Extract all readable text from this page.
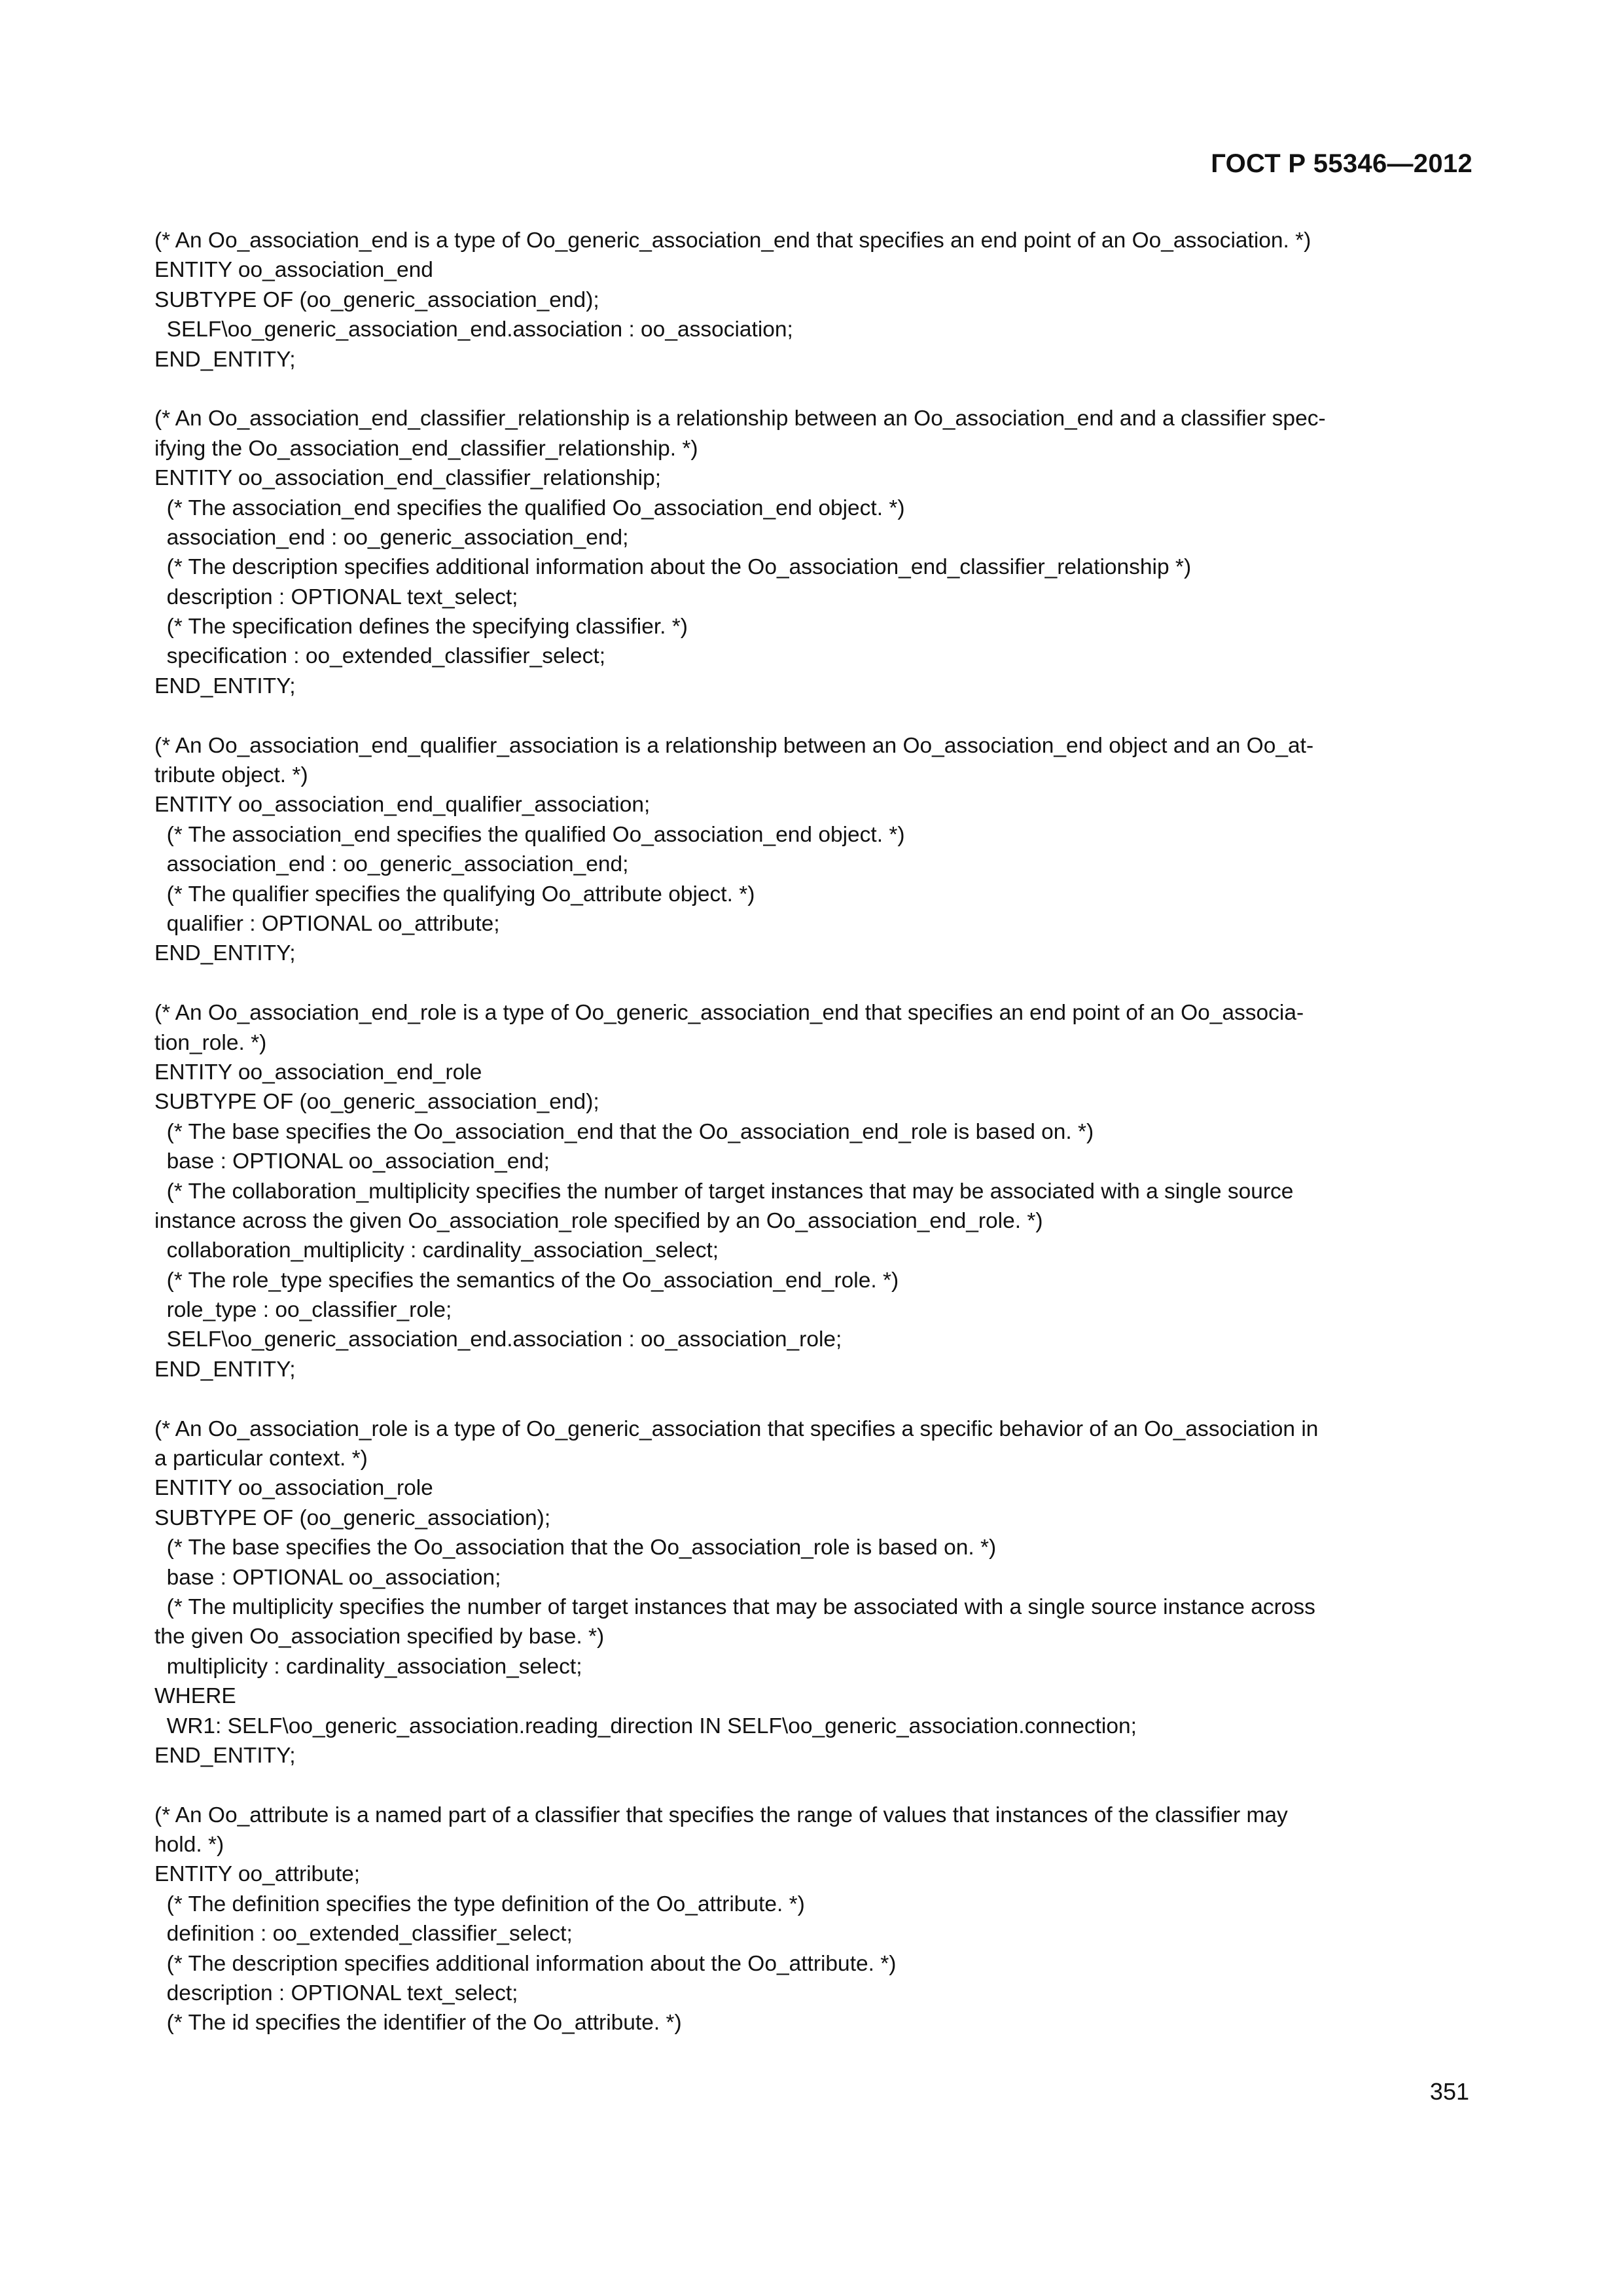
ГОСТ Р 55346—2012
(* An Oo_association_end is a type of Oo_generic_association_end that specifies an end point of an Oo_association. *)
ENTITY oo_association_end
SUBTYPE OF (oo_generic_association_end);
SELF\oo_generic_association_end.association : oo_association;
END_ENTITY;
(* An Oo_association_end_classifier_relationship is a relationship between an Oo_association_end and a classifier spec-
ifying the Oo_association_end_classifier_relationship. *)
ENTITY oo_association_end_classifier_relationship;
(* The association_end specifies the qualified Oo_association_end object. *)
association_end : oo_generic_association_end;
(* The description specifies additional information about the Oo_association_end_classifier_relationship *)
description : OPTIONAL text_select;
(* The specification defines the specifying classifier. *)
specification : oo_extended_classifier_select;
END_ENTITY;
(* An Oo_association_end_qualifier_association is a relationship between an Oo_association_end object and an Oo_at-
tribute object. *)
ENTITY oo_association_end_qualifier_association;
(* The association_end specifies the qualified Oo_association_end object. *)
association_end : oo_generic_association_end;
(* The qualifier specifies the qualifying Oo_attribute object. *)
qualifier : OPTIONAL oo_attribute;
END_ENTITY;
(* An Oo_association_end_role is a type of Oo_generic_association_end that specifies an end point of an Oo_associa-
tion_role. *)
ENTITY oo_association_end_role
SUBTYPE OF (oo_generic_association_end);
(* The base specifies the Oo_association_end that the Oo_association_end_role is based on. *)
base : OPTIONAL oo_association_end;
(* The collaboration_multiplicity specifies the number of target instances that may be associated with a single source
instance across the given Oo_association_role specified by an Oo_association_end_role. *)
collaboration_multiplicity : cardinality_association_select;
(* The role_type specifies the semantics of the Oo_association_end_role. *)
role_type : oo_classifier_role;
SELF\oo_generic_association_end.association : oo_association_role;
END_ENTITY;
(* An Oo_association_role is a type of Oo_generic_association that specifies a specific behavior of an Oo_association in
a particular context. *)
ENTITY oo_association_role
SUBTYPE OF (oo_generic_association);
(* The base specifies the Oo_association that the Oo_association_role is based on. *)
base : OPTIONAL oo_association;
(* The multiplicity specifies the number of target instances that may be associated with a single source instance across
the given Oo_association specified by base. *)
multiplicity : cardinality_association_select;
WHERE
WR1: SELF\oo_generic_association.reading_direction IN SELF\oo_generic_association.connection;
END_ENTITY;
(* An Oo_attribute is a named part of a classifier that specifies the range of values that instances of the classifier may
hold. *)
ENTITY oo_attribute;
(* The definition specifies the type definition of the Oo_attribute. *)
definition : oo_extended_classifier_select;
(* The description specifies additional information about the Oo_attribute. *)
description : OPTIONAL text_select;
(* The id specifies the identifier of the Oo_attribute. *)
351
